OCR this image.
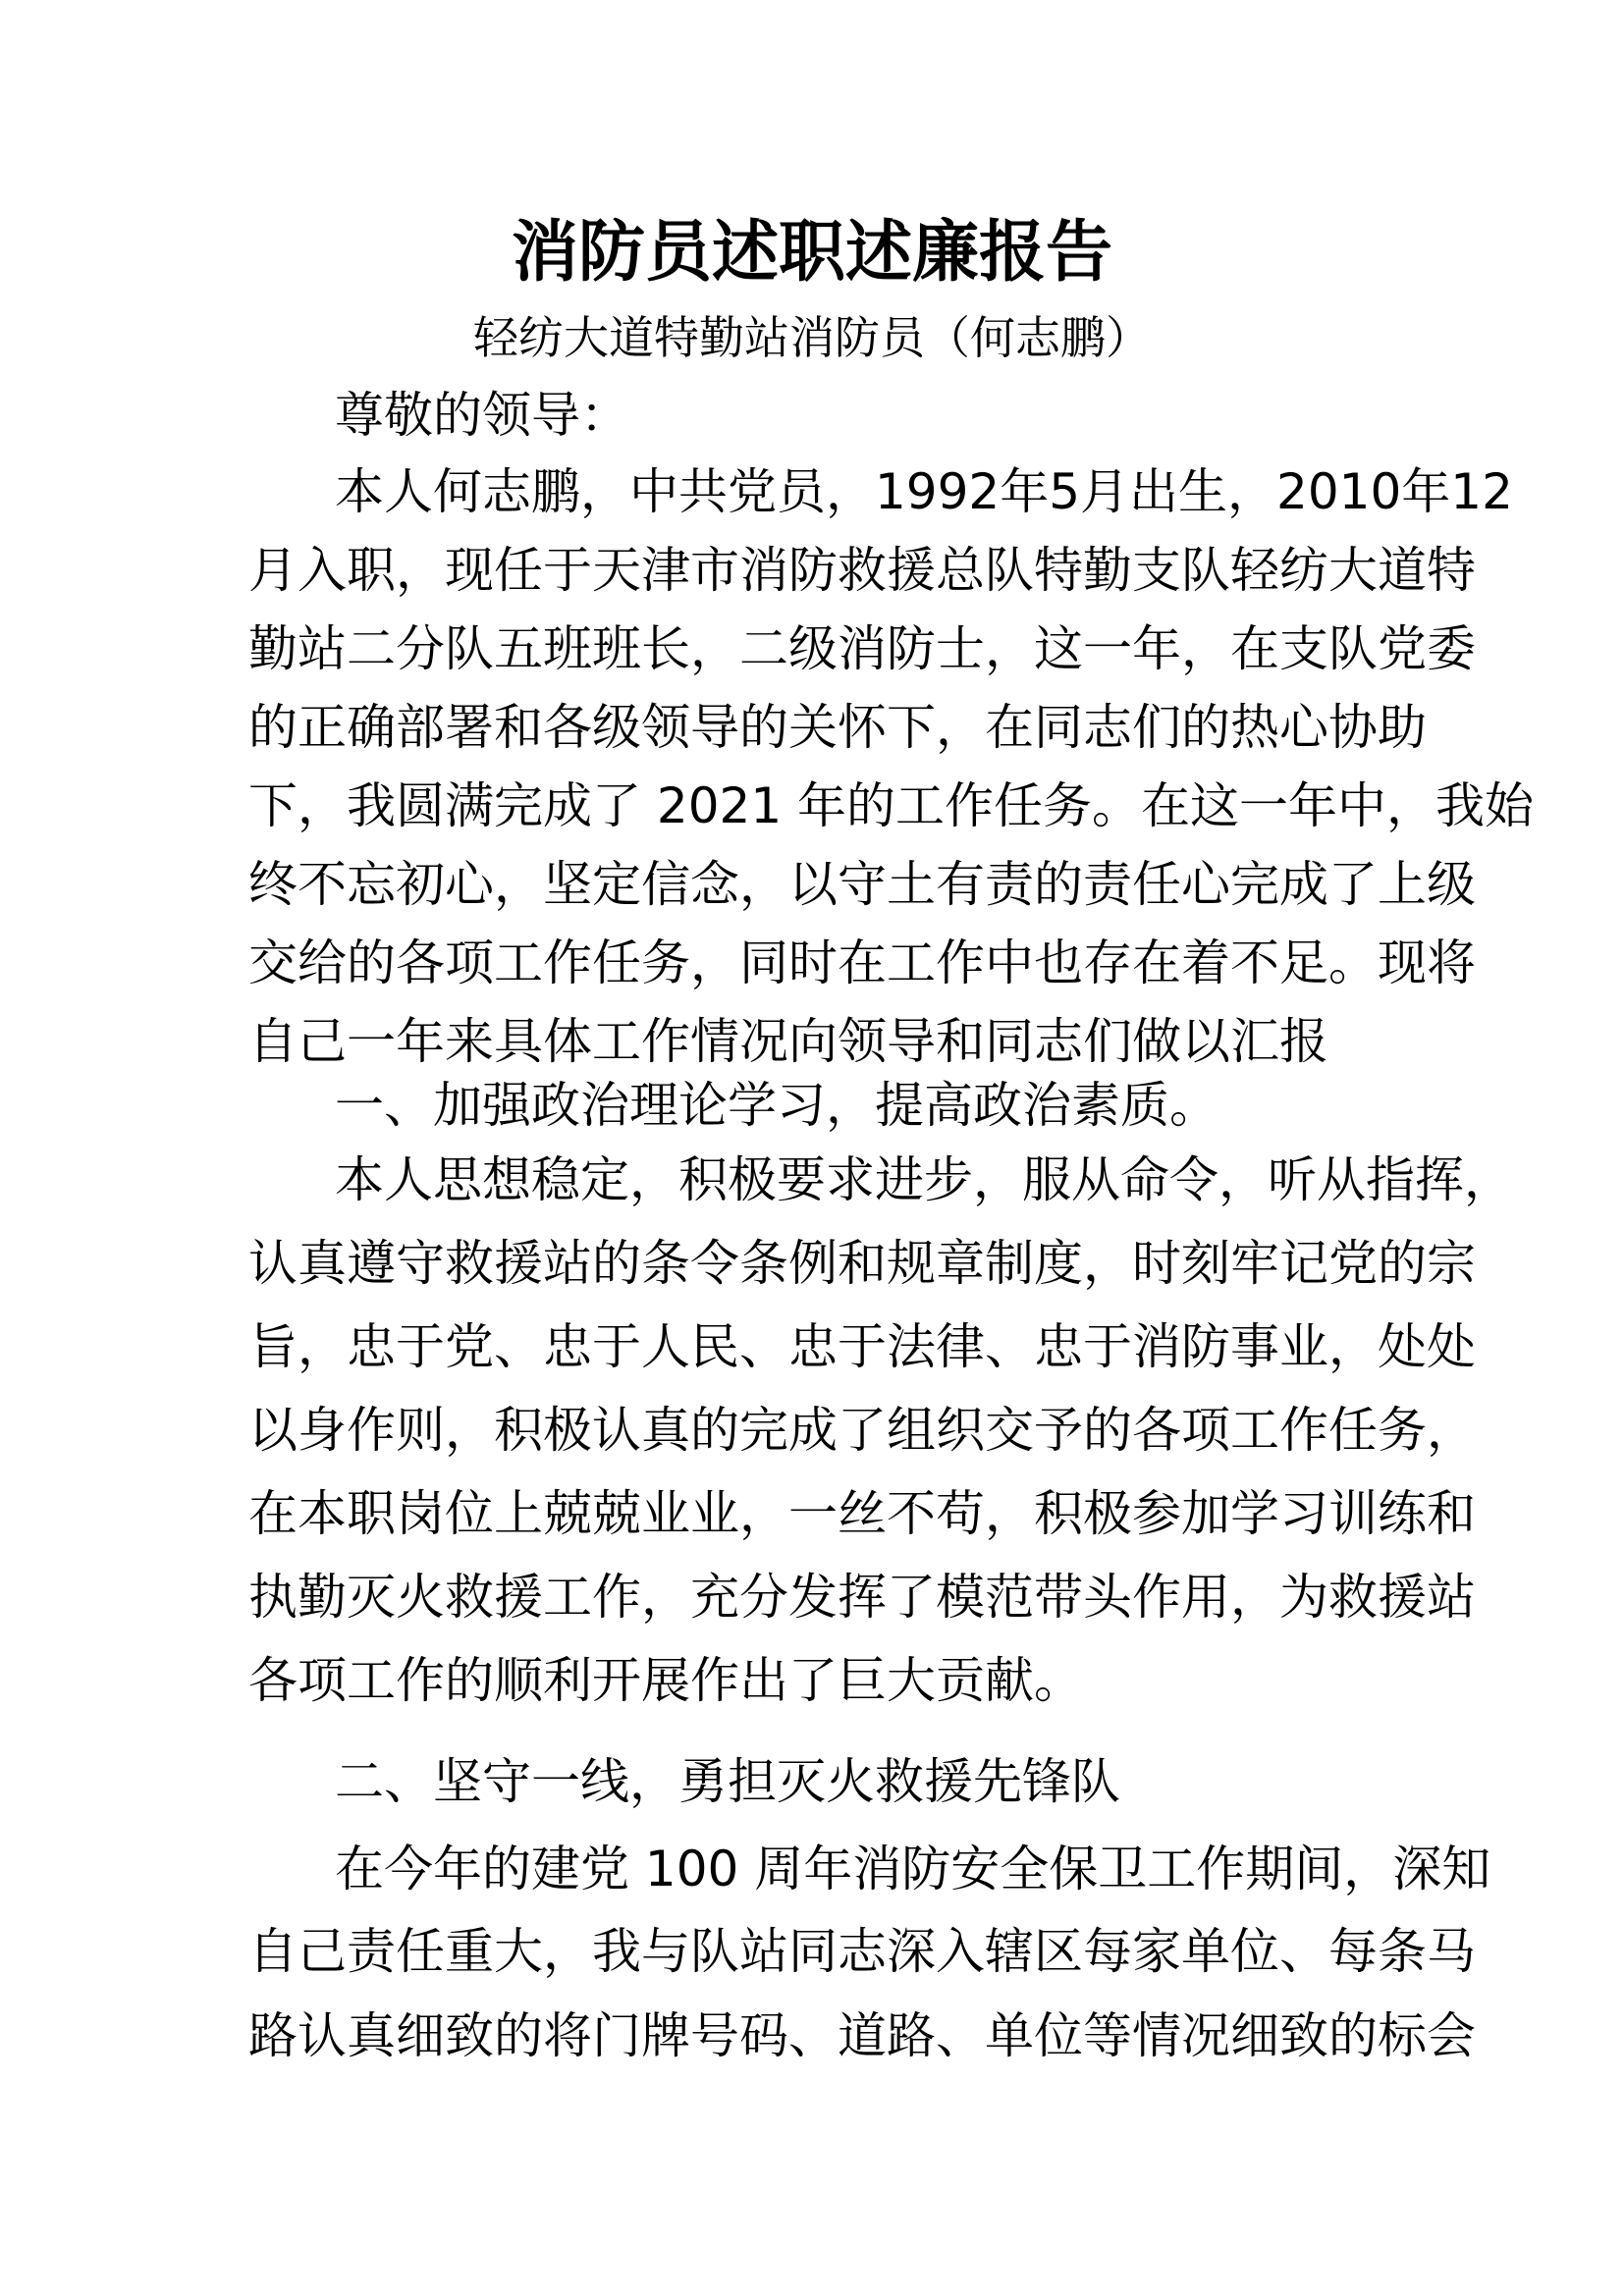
消防员述职述廉报告
轻纺大道特勤站消防员（何志鹏）
尊敬的领导：
本人何志鹏，中共党员，1992年5月出生，2010年12
月入职，现任于天津市消防救援总队特勤支队轻纺大道特
勤站二分队五班班长，二级消防士，这一年，在支队党委
的正确部署和各级领导的关怀下，在同志们的热心协助
下，我圆满完成了 2021 年的工作任务。在这一年中，我始
终不忘初心，坚定信念，以守土有责的责任心完成了上级
交给的各项工作任务，同时在工作中也存在着不足。现将
自己一年来具体工作情况向领导和同志们做以汇报
一、加强政治理论学习，提高政治素质。
本人思想稳定，积极要求进步，服从命令，听从指挥，
认真遵守救援站的条令条例和规章制度，时刻牢记党的宗
旨，忠于党、忠于人民、忠于法律、忠于消防事业，处处
以身作则，积极认真的完成了组织交予的各项工作任务，
在本职岗位上兢兢业业，一丝不苟，积极参加学习训练和
执勤灭火救援工作，充分发挥了模范带头作用，为救援站
各项工作的顺利开展作出了巨大贡献。
二、坚守一线，勇担灭火救援先锋队
在今年的建党 100 周年消防安全保卫工作期间，深知
自己责任重大，我与队站同志深入辖区每家单位、每条马
路认真细致的将门牌号码、道路、单位等情况细致的标会
